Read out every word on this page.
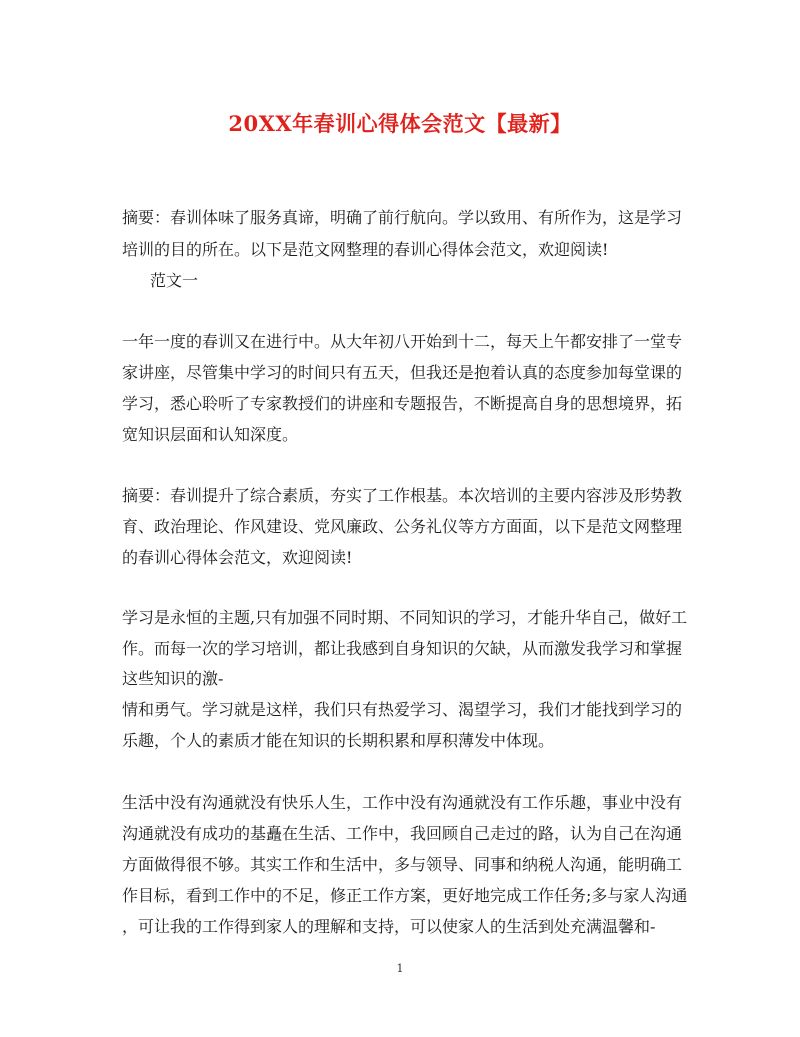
20XX年春训心得体会范文【最新】
摘要：春训体味了服务真谛，明确了前行航向。学以致用、有所作为，这是学习
培训的目的所在。以下是范文网整理的春训心得体会范文，欢迎阅读!
范文一
一年一度的春训又在进行中。从大年初八开始到十二，每天上午都安排了一堂专
家讲座，尽管集中学习的时间只有五天，但我还是抱着认真的态度参加每堂课的
学习，悉心聆听了专家教授们的讲座和专题报告，不断提高自身的思想境界，拓
宽知识层面和认知深度。
摘要：春训提升了综合素质，夯实了工作根基。本次培训的主要内容涉及形势教
育、政治理论、作风建设、党风廉政、公务礼仪等方方面面，以下是范文网整理
的春训心得体会范文，欢迎阅读!
学习是永恒的主题,只有加强不同时期、不同知识的学习，才能升华自己，做好工
作。而每一次的学习培训，都让我感到自身知识的欠缺，从而激发我学习和掌握
这些知识的激-
情和勇气。学习就是这样，我们只有热爱学习、渴望学习，我们才能找到学习的
乐趣，个人的素质才能在知识的长期积累和厚积薄发中体现。
生活中没有沟通就没有快乐人生，工作中没有沟通就没有工作乐趣，事业中没有
沟通就没有成功的基矗在生活、工作中，我回顾自己走过的路，认为自己在沟通
方面做得很不够。其实工作和生活中，多与领导、同事和纳税人沟通，能明确工
作目标，看到工作中的不足，修正工作方案，更好地完成工作任务;多与家人沟通
，可让我的工作得到家人的理解和支持，可以使家人的生活到处充满温馨和-
1
